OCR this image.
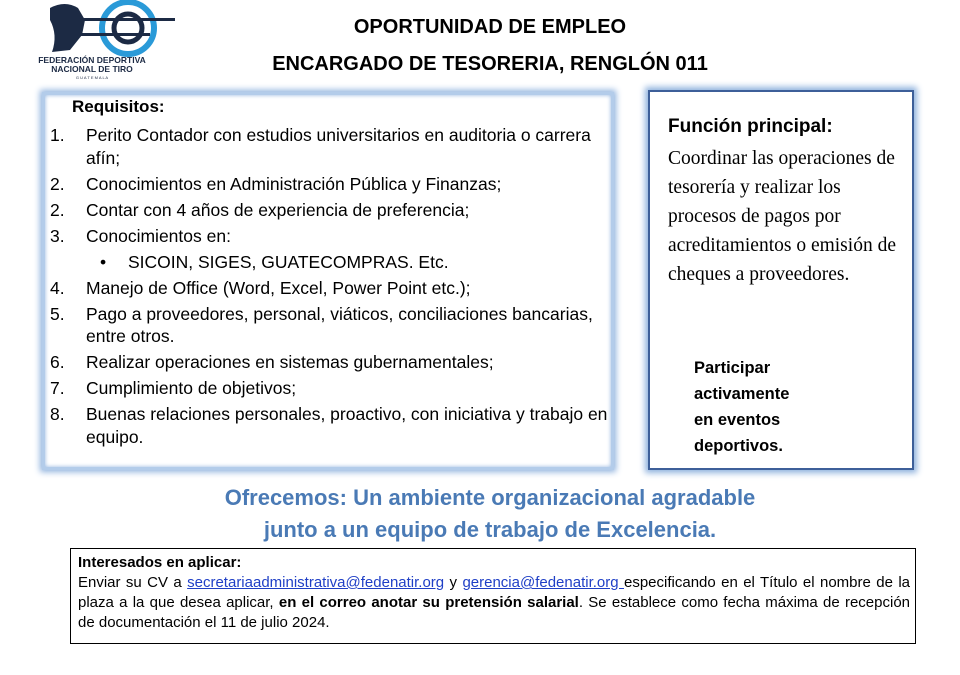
FEDERACIÓN DEPORTIVA
NACIONAL DE TIRO
G U A T E M A L A
OPORTUNIDAD DE EMPLEO
ENCARGADO DE TESORERIA, RENGLÓN 011
Requisitos:
1. Perito Contador con estudios universitarios en auditoria o carrera afín;
2. Conocimientos en Administración Pública y Finanzas;
2. Contar con 4 años de experiencia de preferencia;
3. Conocimientos en:
• SICOIN, SIGES, GUATECOMPRAS. Etc.
4. Manejo de Office (Word, Excel, Power Point etc.);
5. Pago a proveedores, personal, viáticos, conciliaciones bancarias, entre otros.
6. Realizar operaciones en sistemas gubernamentales;
7. Cumplimiento de objetivos;
8. Buenas relaciones personales, proactivo, con iniciativa y trabajo en equipo.
Función principal:
Coordinar las operaciones de tesorería y realizar los procesos de pagos por acreditamientos o emisión de cheques a proveedores.
Participar
activamente
en eventos
deportivos.
Ofrecemos: Un ambiente organizacional agradable
junto a un equipo de trabajo de Excelencia.
Interesados en aplicar:
Enviar su CV a secretariaadministrativa@fedenatir.org y gerencia@fedenatir.org especificando en el Título el nombre de la plaza a la que desea aplicar, en el correo anotar su pretensión salarial. Se establece como fecha máxima de recepción de documentación el 11 de julio 2024.
